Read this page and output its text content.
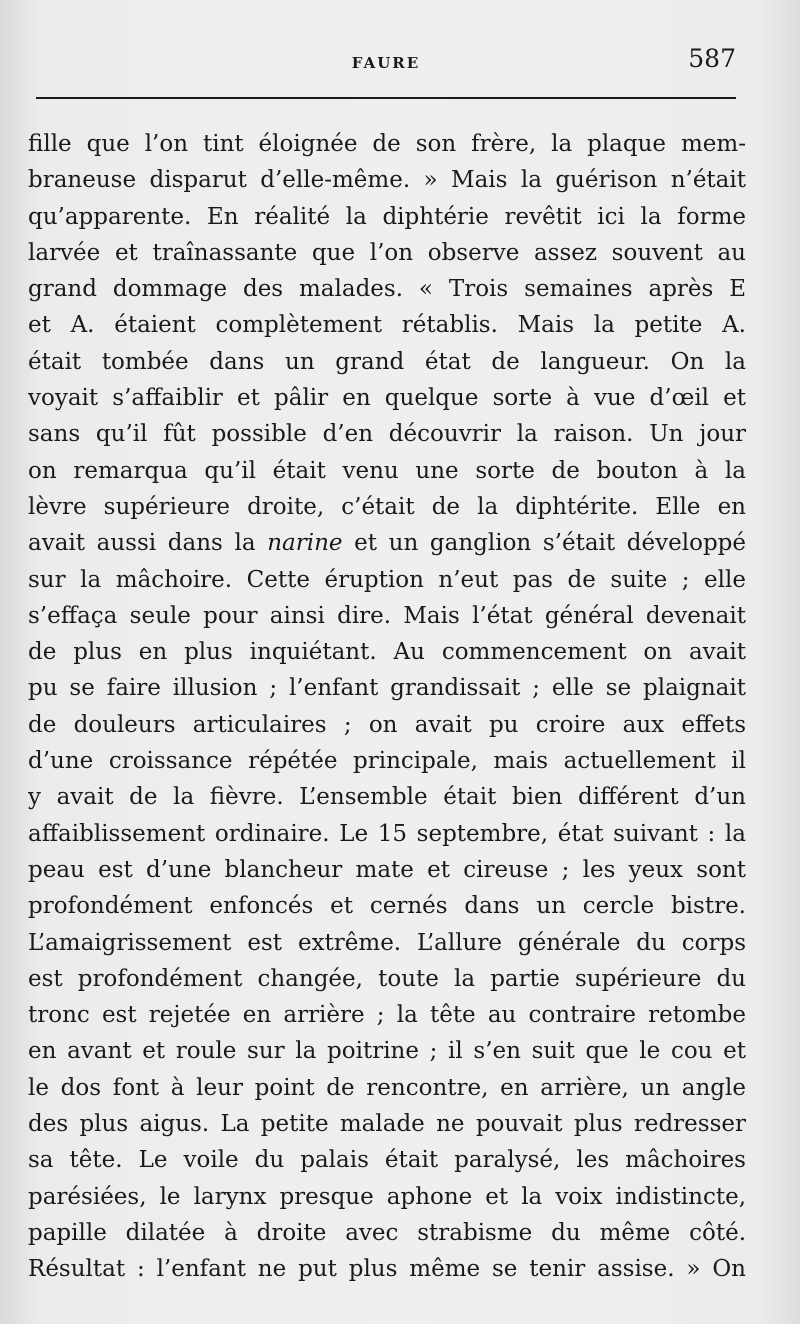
FAURE	587
fille que l’on tint éloignée de son frère, la plaque mem-
braneuse disparut d’elle-même. » Mais la guérison n’était
qu’apparente. En réalité la diphtérie revêtit ici la forme
larvée et traînassante que l’on observe assez souvent au
grand dommage des malades. « Trois semaines après E
et A. étaient complètement rétablis. Mais la petite A.
était tombée dans un grand état de langueur. On la
voyait s’affaiblir et pâlir en quelque sorte à vue d’œil et
sans qu’il fût possible d’en découvrir la raison. Un jour
on remarqua qu’il était venu une sorte de bouton à la
lèvre supérieure droite, c’était de la diphtérite. Elle en
avait aussi dans la narine et un ganglion s’était développé
sur la mâchoire. Cette éruption n’eut pas de suite ; elle
s’effaça seule pour ainsi dire. Mais l’état général devenait
de plus en plus inquiétant. Au commencement on avait
pu se faire illusion ; l’enfant grandissait ; elle se plaignait
de douleurs articulaires ; on avait pu croire aux effets
d’une croissance répétée principale, mais actuellement il
y avait de la fièvre. L’ensemble était bien différent d’un
affaiblissement ordinaire. Le 15 septembre, état suivant : la
peau est d’une blancheur mate et cireuse ; les yeux sont
profondément enfoncés et cernés dans un cercle bistre.
L’amaigrissement est extrême. L’allure générale du corps
est profondément changée, toute la partie supérieure du
tronc est rejetée en arrière ; la tête au contraire retombe
en avant et roule sur la poitrine ; il s’en suit que le cou et
le dos font à leur point de rencontre, en arrière, un angle
des plus aigus. La petite malade ne pouvait plus redresser
sa tête. Le voile du palais était paralysé, les mâchoires
parésiées, le larynx presque aphone et la voix indistincte,
papille dilatée à droite avec strabisme du même côté.
Résultat : l’enfant ne put plus même se tenir assise. » On
